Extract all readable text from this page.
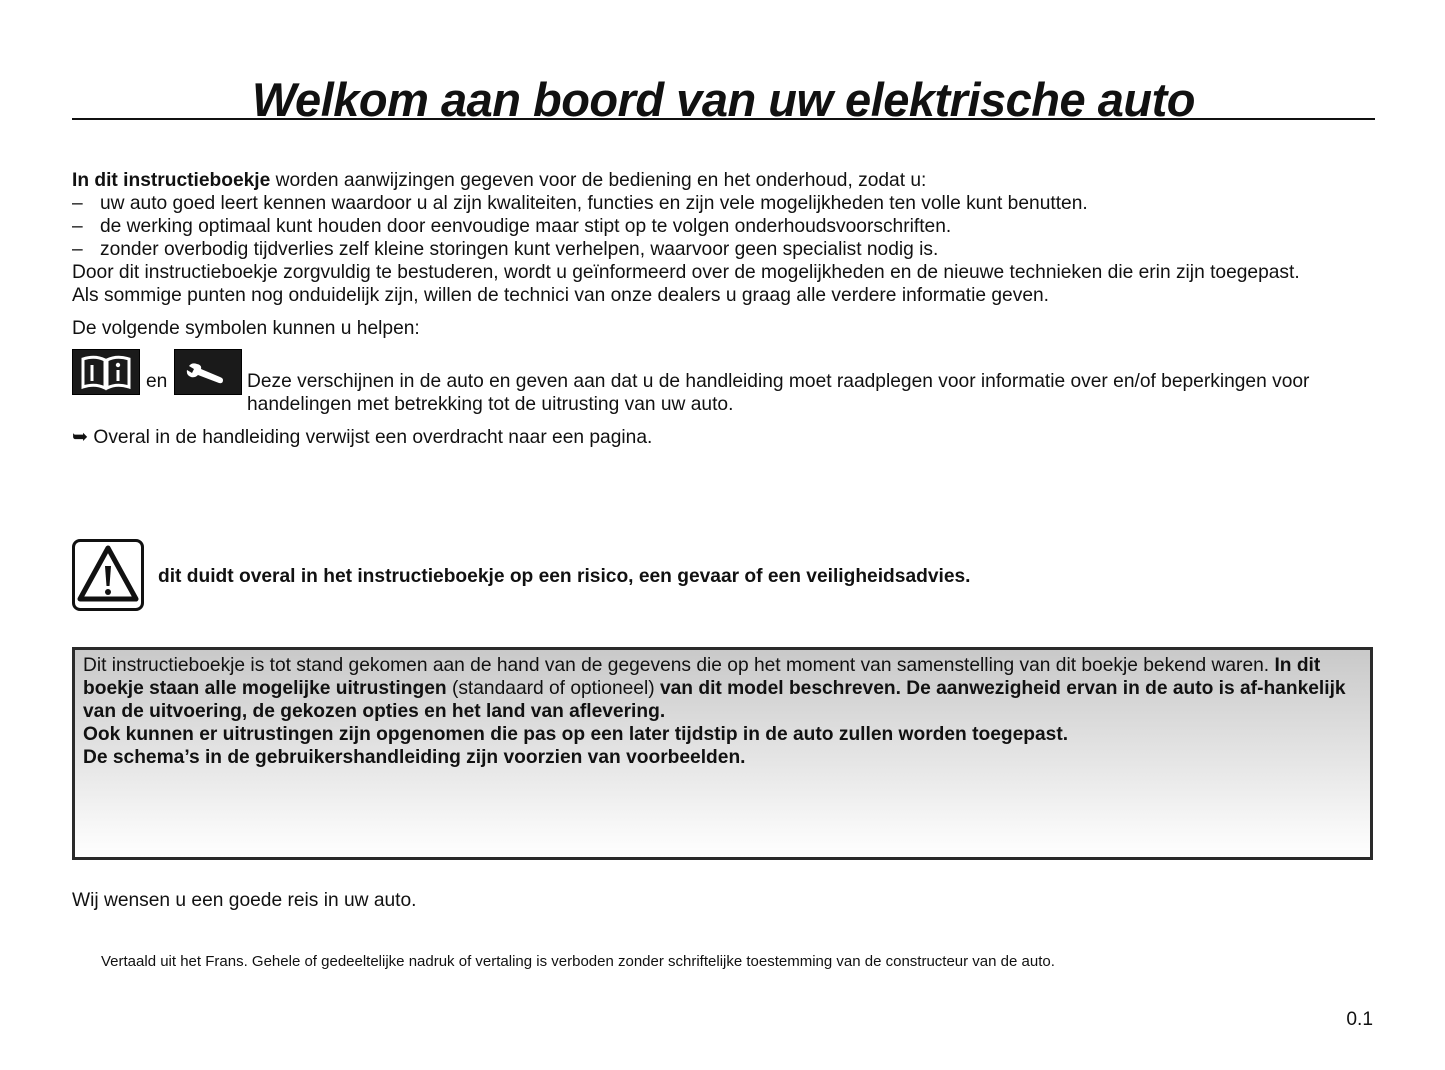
Welkom aan boord van uw elektrische auto

In dit instructieboekje worden aanwijzingen gegeven voor de bediening en het onderhoud, zodat u:

– uw auto goed leert kennen waardoor u al zijn kwaliteiten, functies en zijn vele mogelijkheden ten volle kunt benutten.
– de werking optimaal kunt houden door eenvoudige maar stipt op te volgen onderhoudsvoorschriften.
– zonder overbodig tijdverlies zelf kleine storingen kunt verhelpen, waarvoor geen specialist nodig is.

Door dit instructieboekje zorgvuldig te bestuderen, wordt u geïnformeerd over de mogelijkheden en de nieuwe technieken die erin zijn toegepast.

Als sommige punten nog onduidelijk zijn, willen de technici van onze dealers u graag alle verdere informatie geven.

De volgende symbolen kunnen u helpen:
en	Deze verschijnen in de auto en geven aan dat u de handleiding moet raadplegen voor informatie over en/of beperkingen voor handelingen met betrekking tot de uitrusting van uw auto.
➥ Overal in de handleiding verwijst een overdracht naar een pagina.
dit duidt overal in het instructieboekje op een risico, een gevaar of een veiligheidsadvies.
Dit instructieboekje is tot stand gekomen aan de hand van de gegevens die op het moment van samenstelling van dit boekje bekend waren. In dit boekje staan alle mogelijke uitrustingen (standaard of optioneel) van dit model beschreven. De aanwezigheid ervan in de auto is af-hankelijk van de uitvoering, de gekozen opties en het land van aflevering.
Ook kunnen er uitrustingen zijn opgenomen die pas op een later tijdstip in de auto zullen worden toegepast.
De schema’s in de gebruikershandleiding zijn voorzien van voorbeelden.
Wij wensen u een goede reis in uw auto.
Vertaald uit het Frans. Gehele of gedeeltelijke nadruk of vertaling is verboden zonder schriftelijke toestemming van de constructeur van de auto.
0.1
